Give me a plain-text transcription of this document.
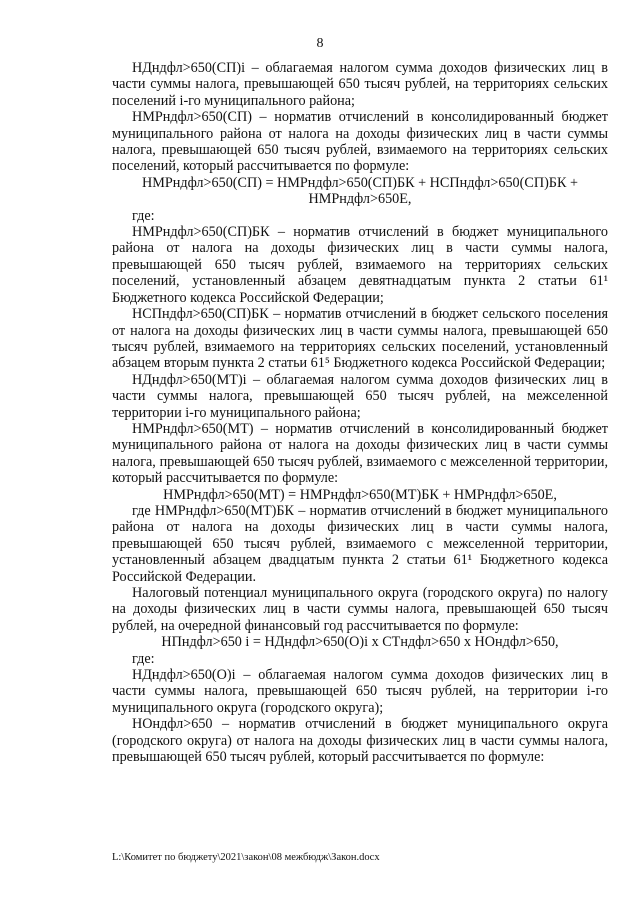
8

НДндфл>650(СП)i – облагаемая налогом сумма доходов физических лиц в части суммы налога, превышающей 650 тысяч рублей, на территориях сельских поселений i-го муниципального района;

НМРндфл>650(СП) – норматив отчислений в консолидированный бюджет муниципального района от налога на доходы физических лиц в части суммы налога, превышающей 650 тысяч рублей, взимаемого на территориях сельских поселений, который рассчитывается по формуле:

НМРндфл>650(СП) = НМРндфл>650(СП)БК + НСПндфл>650(СП)БК + НМРндфл>650Е,

где:

НМРндфл>650(СП)БК – норматив отчислений в бюджет муниципального района от налога на доходы физических лиц в части суммы налога, превышающей 650 тысяч рублей, взимаемого на территориях сельских поселений, установленный абзацем девятнадцатым пункта 2 статьи 61¹ Бюджетного кодекса Российской Федерации;

НСПндфл>650(СП)БК – норматив отчислений в бюджет сельского поселения от налога на доходы физических лиц в части суммы налога, превышающей 650 тысяч рублей, взимаемого на территориях сельских поселений, установленный абзацем вторым пункта 2 статьи 61⁵ Бюджетного кодекса Российской Федерации;

НДндфл>650(МТ)i – облагаемая налогом сумма доходов физических лиц в части суммы налога, превышающей 650 тысяч рублей, на межселенной территории i-го муниципального района;

НМРндфл>650(МТ) – норматив отчислений в консолидированный бюджет муниципального района от налога на доходы физических лиц в части суммы налога, превышающей 650 тысяч рублей, взимаемого с межселенной территории, который рассчитывается по формуле:

НМРндфл>650(МТ) = НМРндфл>650(МТ)БК + НМРндфл>650Е,

где НМРндфл>650(МТ)БК – норматив отчислений в бюджет муниципального района от налога на доходы физических лиц в части суммы налога, превышающей 650 тысяч рублей, взимаемого с межселенной территории, установленный абзацем двадцатым пункта 2 статьи 61¹ Бюджетного кодекса Российской Федерации.

Налоговый потенциал муниципального округа (городского округа) по налогу на доходы физических лиц в части суммы налога, превышающей 650 тысяч рублей, на очередной финансовый год рассчитывается по формуле:

НПндфл>650 i = НДндфл>650(О)i x СТндфл>650 x НОндфл>650,

где:

НДндфл>650(О)i – облагаемая налогом сумма доходов физических лиц в части суммы налога, превышающей 650 тысяч рублей, на территории i-го муниципального округа (городского округа);

НОндфл>650 – норматив отчислений в бюджет муниципального округа (городского округа) от налога на доходы физических лиц в части суммы налога, превышающей 650 тысяч рублей, который рассчитывается по формуле:

L:\Комитет по бюджету\2021\закон\08 межбюдж\Закон.docx
